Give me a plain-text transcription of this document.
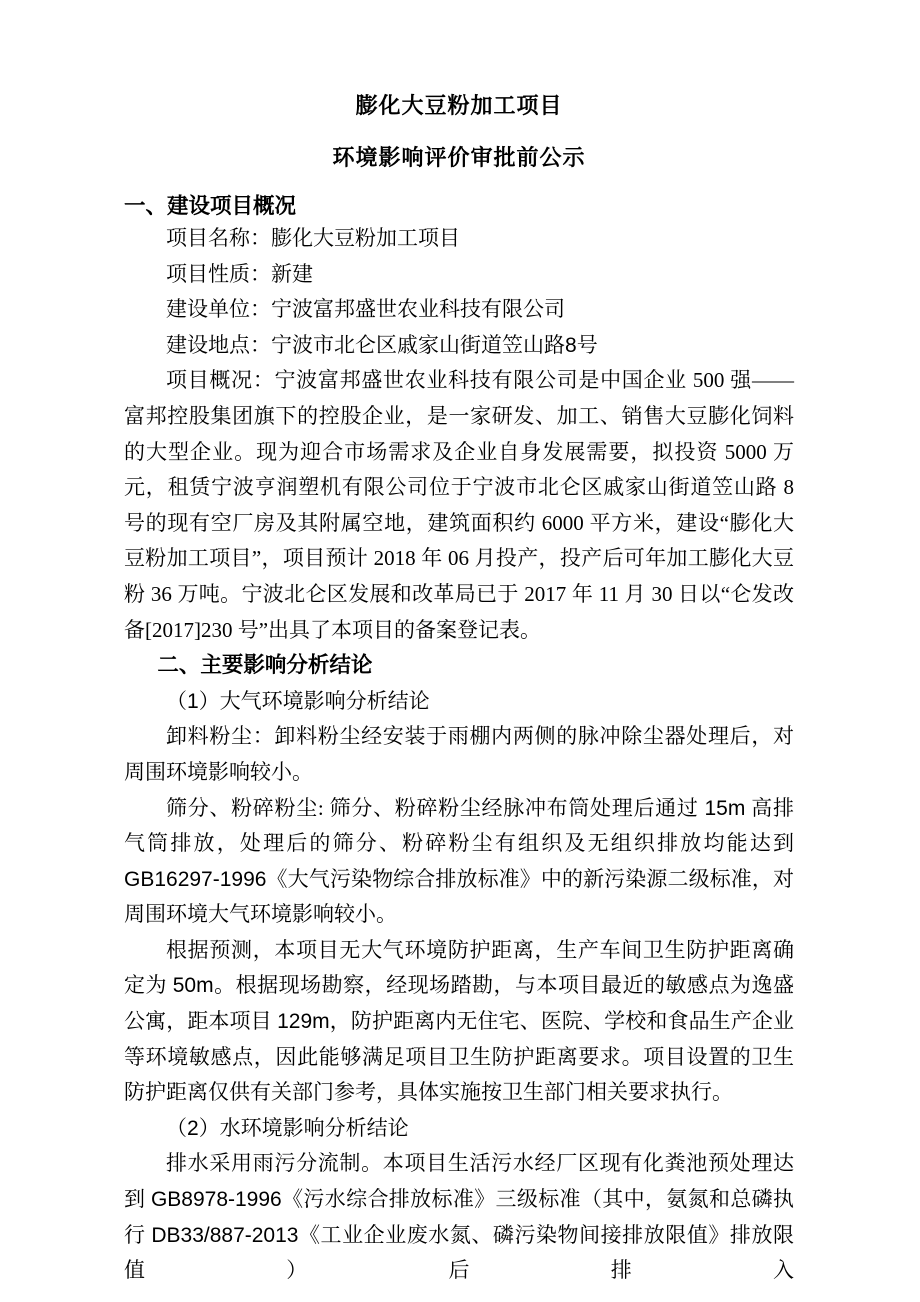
膨化大豆粉加工项目
环境影响评价审批前公示
一、建设项目概况
项目名称：膨化大豆粉加工项目
项目性质：新建
建设单位：宁波富邦盛世农业科技有限公司
建设地点：宁波市北仑区戚家山街道笠山路8号
项目概况：宁波富邦盛世农业科技有限公司是中国企业 500 强——富邦控股集团旗下的控股企业，是一家研发、加工、销售大豆膨化饲料的大型企业。现为迎合市场需求及企业自身发展需要，拟投资 5000 万元，租赁宁波亨润塑机有限公司位于宁波市北仑区戚家山街道笠山路 8 号的现有空厂房及其附属空地，建筑面积约 6000 平方米，建设“膨化大豆粉加工项目”，项目预计 2018 年 06 月投产，投产后可年加工膨化大豆粉 36 万吨。宁波北仑区发展和改革局已于 2017 年 11 月 30 日以“仑发改备[2017]230 号”出具了本项目的备案登记表。
二、主要影响分析结论
（1）大气环境影响分析结论
卸料粉尘：卸料粉尘经安装于雨棚内两侧的脉冲除尘器处理后，对周围环境影响较小。
筛分、粉碎粉尘: 筛分、粉碎粉尘经脉冲布筒处理后通过 15m 高排气筒排放，处理后的筛分、粉碎粉尘有组织及无组织排放均能达到 GB16297-1996《大气污染物综合排放标准》中的新污染源二级标准，对周围环境大气环境影响较小。
根据预测，本项目无大气环境防护距离，生产车间卫生防护距离确定为 50m。根据现场勘察，经现场踏勘，与本项目最近的敏感点为逸盛公寓，距本项目 129m，防护距离内无住宅、医院、学校和食品生产企业等环境敏感点，因此能够满足项目卫生防护距离要求。项目设置的卫生防护距离仅供有关部门参考，具体实施按卫生部门相关要求执行。
（2）水环境影响分析结论
排水采用雨污分流制。本项目生活污水经厂区现有化粪池预处理达到 GB8978-1996《污水综合排放标准》三级标准（其中，氨氮和总磷执行 DB33/887-2013《工业企业废水氮、磷污染物间接排放限值》排放限值）后排入
